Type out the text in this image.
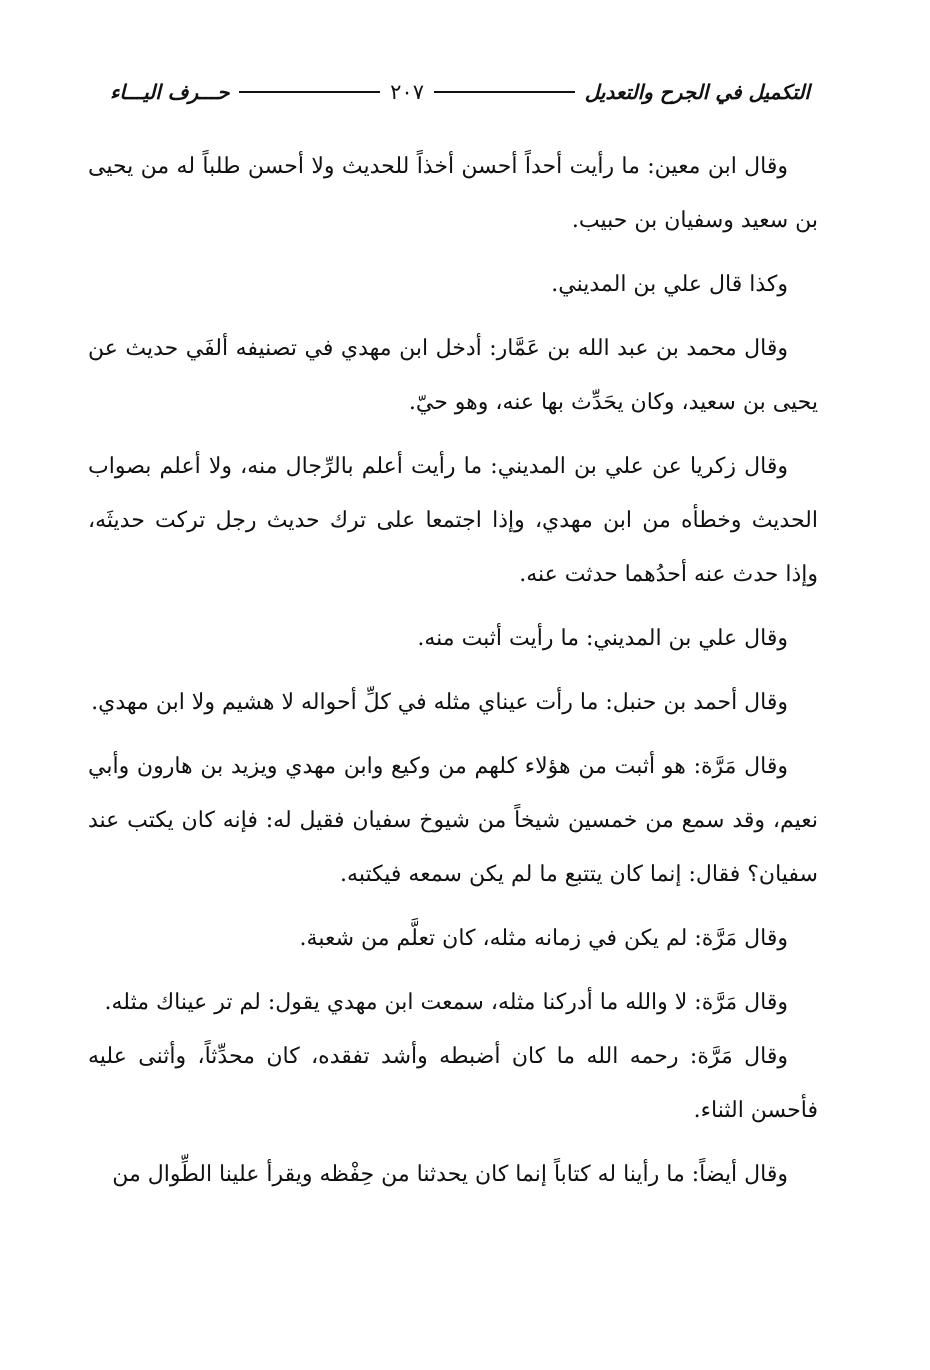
التكميل في الجرح والتعديل
٢٠٧
حـــرف اليـــاء

وقال ابن معين: ما رأيت أحداً أحسن أخذاً للحديث ولا أحسن طلباً له من يحيى بن سعيد وسفيان بن حبيب.

وكذا قال علي بن المديني.

وقال محمد بن عبد الله بن عَمَّار: أدخل ابن مهدي في تصنيفه ألفَي حديث عن يحيى بن سعيد، وكان يحَدِّث بها عنه، وهو حيّ.

وقال زكريا عن علي بن المديني: ما رأيت أعلم بالرِّجال منه، ولا أعلم بصواب الحديث وخطأه من ابن مهدي، وإذا اجتمعا على ترك حديث رجل تركت حديثَه، وإذا حدث عنه أحدُهما حدثت عنه.

وقال علي بن المديني: ما رأيت أثبت منه.

وقال أحمد بن حنبل: ما رأت عيناي مثله في كلِّ أحواله لا هشيم ولا ابن مهدي.

وقال مَرَّة: هو أثبت من هؤلاء كلهم من وكيع وابن مهدي ويزيد بن هارون وأبي نعيم، وقد سمع من خمسين شيخاً من شيوخ سفيان فقيل له: فإنه كان يكتب عند سفيان؟ فقال: إنما كان يتتبع ما لم يكن سمعه فيكتبه.

وقال مَرَّة: لم يكن في زمانه مثله، كان تعلَّم من شعبة.

وقال مَرَّة: لا والله ما أدركنا مثله، سمعت ابن مهدي يقول: لم تر عيناك مثله.

وقال مَرَّة: رحمه الله ما كان أضبطه وأشد تفقده، كان محدِّثاً، وأثنى عليه فأحسن الثناء.

وقال أيضاً: ما رأينا له كتاباً إنما كان يحدثنا من حِفْظه ويقرأ علينا الطِّوال من
